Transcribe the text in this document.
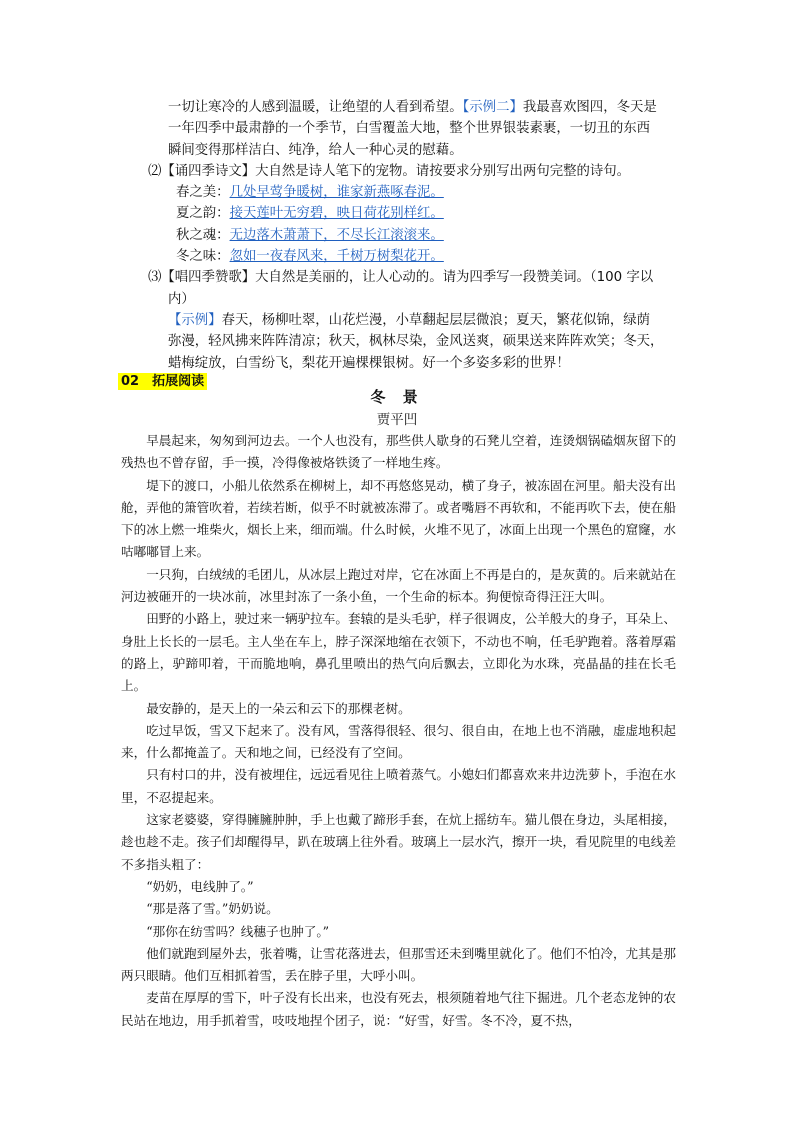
一切让寒冷的人感到温暖，让绝望的人看到希望。【示例二】我最喜欢图四，冬天是

一年四季中最肃静的一个季节，白雪覆盖大地，整个世界银装素裹，一切丑的东西

瞬间变得那样洁白、纯净，给人一种心灵的慰藉。

⑵【诵四季诗文】大自然是诗人笔下的宠物。请按要求分别写出两句完整的诗句。

春之美：几处早莺争暖树，谁家新燕啄春泥。

夏之韵：接天莲叶无穷碧，映日荷花别样红。

秋之魂：无边落木萧萧下，不尽长江滚滚来。

冬之味：忽如一夜春风来，千树万树梨花开。

⑶【唱四季赞歌】大自然是美丽的，让人心动的。请为四季写一段赞美词。（100 字以

内）

【示例】春天，杨柳吐翠，山花烂漫，小草翻起层层微浪；夏天，繁花似锦，绿荫

弥漫，轻风拂来阵阵清凉；秋天，枫林尽染，金风送爽，硕果送来阵阵欢笑；冬天，

蜡梅绽放，白雪纷飞，梨花开遍棵棵银树。好一个多姿多彩的世界！

02　拓展阅读
冬 景
贾平凹

早晨起来，匆匆到河边去。一个人也没有，那些供人歇身的石凳儿空着，连烫烟锅磕烟灰留下的残热也不曾存留，手一摸，冷得像被烙铁烫了一样地生疼。

堤下的渡口，小船儿依然系在柳树上，却不再悠悠晃动，横了身子，被冻固在河里。船夫没有出舱，弄他的箫管吹着，若续若断，似乎不时就被冻滞了。或者嘴唇不再软和，不能再吹下去，使在船下的冰上燃一堆柴火，烟长上来，细而端。什么时候，火堆不见了，冰面上出现一个黑色的窟窿，水咕嘟嘟冒上来。

一只狗，白绒绒的毛团儿，从冰层上跑过对岸，它在冰面上不再是白的，是灰黄的。后来就站在河边被砸开的一块冰前，冰里封冻了一条小鱼，一个生命的标本。狗便惊奇得汪汪大叫。

田野的小路上，驶过来一辆驴拉车。套辕的是头毛驴，样子很调皮，公羊般大的身子，耳朵上、身肚上长长的一层毛。主人坐在车上，脖子深深地缩在衣领下，不动也不响，任毛驴跑着。落着厚霜的路上，驴蹄叩着，干而脆地响，鼻孔里喷出的热气向后飘去，立即化为水珠，亮晶晶的挂在长毛上。

最安静的，是天上的一朵云和云下的那棵老树。

吃过早饭，雪又下起来了。没有风，雪落得很轻、很匀、很自由，在地上也不消融，虚虚地积起来，什么都掩盖了。天和地之间，已经没有了空间。

只有村口的井，没有被埋住，远远看见往上喷着蒸气。小媳妇们都喜欢来井边洗萝卜，手泡在水里，不忍提起来。

这家老婆婆，穿得臃臃肿肿，手上也戴了蹄形手套，在炕上摇纺车。猫儿偎在身边，头尾相接，趁也趁不走。孩子们却醒得早，趴在玻璃上往外看。玻璃上一层水汽，擦开一块，看见院里的电线差不多指头粗了：

“奶奶，电线肿了。”

“那是落了雪。”奶奶说。

“那你在纺雪吗？线穗子也肿了。”

他们就跑到屋外去，张着嘴，让雪花落进去，但那雪还未到嘴里就化了。他们不怕冷，尤其是那两只眼睛。他们互相抓着雪，丢在脖子里，大呼小叫。

麦苗在厚厚的雪下，叶子没有长出来，也没有死去，根须随着地气往下掘进。几个老态龙钟的农民站在地边，用手抓着雪，吱吱地捏个团子，说：“好雪，好雪。冬不冷，夏不热，
